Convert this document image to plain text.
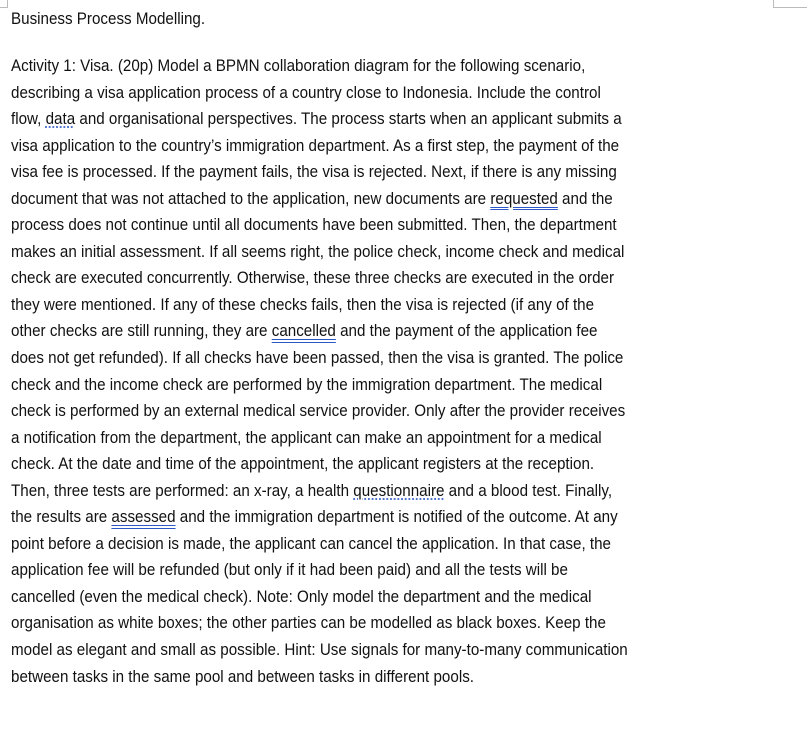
Business Process Modelling.
Activity 1: Visa. (20p) Model a BPMN collaboration diagram for the following scenario,
describing a visa application process of a country close to Indonesia. Include the control
flow, data and organisational perspectives. The process starts when an applicant submits a
visa application to the country’s immigration department. As a first step, the payment of the
visa fee is processed. If the payment fails, the visa is rejected. Next, if there is any missing
document that was not attached to the application, new documents are requested and the
process does not continue until all documents have been submitted. Then, the department
makes an initial assessment. If all seems right, the police check, income check and medical
check are executed concurrently. Otherwise, these three checks are executed in the order
they were mentioned. If any of these checks fails, then the visa is rejected (if any of the
other checks are still running, they are cancelled and the payment of the application fee
does not get refunded). If all checks have been passed, then the visa is granted. The police
check and the income check are performed by the immigration department. The medical
check is performed by an external medical service provider. Only after the provider receives
a notification from the department, the applicant can make an appointment for a medical
check. At the date and time of the appointment, the applicant registers at the reception.
Then, three tests are performed: an x-ray, a health questionnaire and a blood test. Finally,
the results are assessed and the immigration department is notified of the outcome. At any
point before a decision is made, the applicant can cancel the application. In that case, the
application fee will be refunded (but only if it had been paid) and all the tests will be
cancelled (even the medical check). Note: Only model the department and the medical
organisation as white boxes; the other parties can be modelled as black boxes. Keep the
model as elegant and small as possible. Hint: Use signals for many-to-many communication
between tasks in the same pool and between tasks in different pools.
